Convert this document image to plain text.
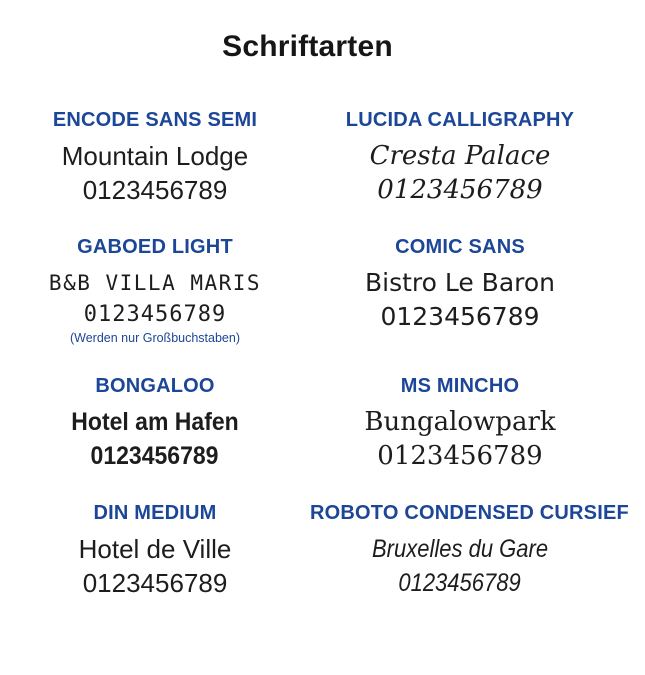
Schriftarten
ENCODE SANS SEMI
Mountain Lodge
0123456789
LUCIDA CALLIGRAPHY
Cresta Palace
0123456789
GABOED LIGHT
B&B VILLA MARIS
0123456789
(Werden nur Großbuchstaben)
COMIC SANS
Bistro Le Baron
0123456789
BONGALOO
Hotel am Hafen 0123456789
MS MINCHO
Bungalowpark
0123456789
DIN MEDIUM
Hotel de Ville
0123456789
ROBOTO CONDENSED CURSIEF
Bruxelles du Gare 0123456789
